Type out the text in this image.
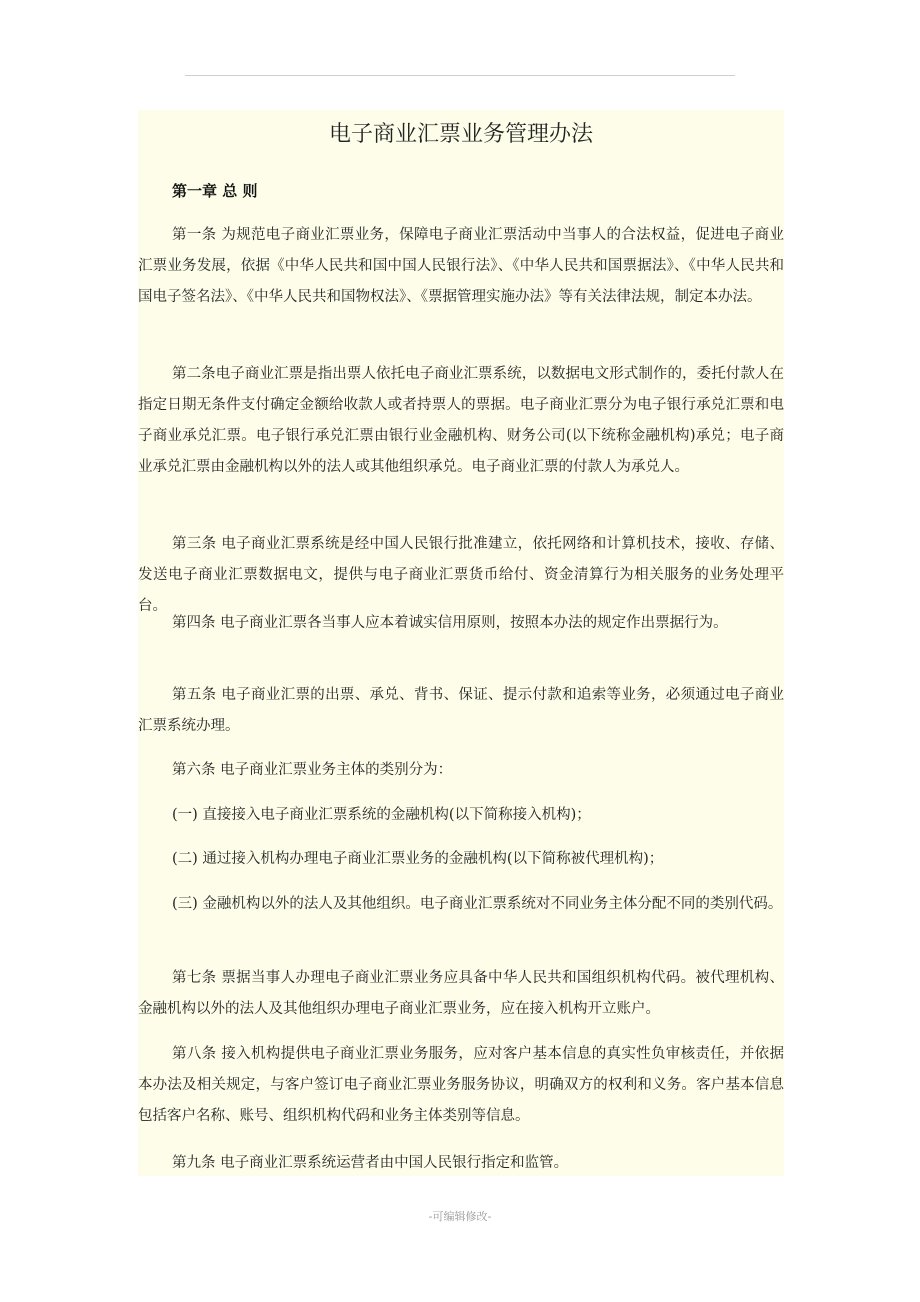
电子商业汇票业务管理办法
第一章 总 则

第一条 为规范电子商业汇票业务，保障电子商业汇票活动中当事人的合法权益，促进电子商业汇票业务发展，依据《中华人民共和国中国人民银行法》、《中华人民共和国票据法》、《中华人民共和国电子签名法》、《中华人民共和国物权法》、《票据管理实施办法》等有关法律法规，制定本办法。

第二条电子商业汇票是指出票人依托电子商业汇票系统，以数据电文形式制作的，委托付款人在指定日期无条件支付确定金额给收款人或者持票人的票据。电子商业汇票分为电子银行承兑汇票和电子商业承兑汇票。电子银行承兑汇票由银行业金融机构、财务公司(以下统称金融机构)承兑；电子商业承兑汇票由金融机构以外的法人或其他组织承兑。电子商业汇票的付款人为承兑人。

第三条 电子商业汇票系统是经中国人民银行批准建立，依托网络和计算机技术，接收、存储、发送电子商业汇票数据电文，提供与电子商业汇票货币给付、资金清算行为相关服务的业务处理平台。

第四条 电子商业汇票各当事人应本着诚实信用原则，按照本办法的规定作出票据行为。

第五条 电子商业汇票的出票、承兑、背书、保证、提示付款和追索等业务，必须通过电子商业汇票系统办理。

第六条 电子商业汇票业务主体的类别分为：

(一) 直接接入电子商业汇票系统的金融机构(以下简称接入机构)；

(二) 通过接入机构办理电子商业汇票业务的金融机构(以下简称被代理机构)；

(三) 金融机构以外的法人及其他组织。电子商业汇票系统对不同业务主体分配不同的类别代码。

第七条 票据当事人办理电子商业汇票业务应具备中华人民共和国组织机构代码。被代理机构、金融机构以外的法人及其他组织办理电子商业汇票业务，应在接入机构开立账户。

第八条 接入机构提供电子商业汇票业务服务，应对客户基本信息的真实性负审核责任，并依据本办法及相关规定，与客户签订电子商业汇票业务服务协议，明确双方的权利和义务。客户基本信息包括客户名称、账号、组织机构代码和业务主体类别等信息。

第九条 电子商业汇票系统运营者由中国人民银行指定和监管。

-可编辑修改-
